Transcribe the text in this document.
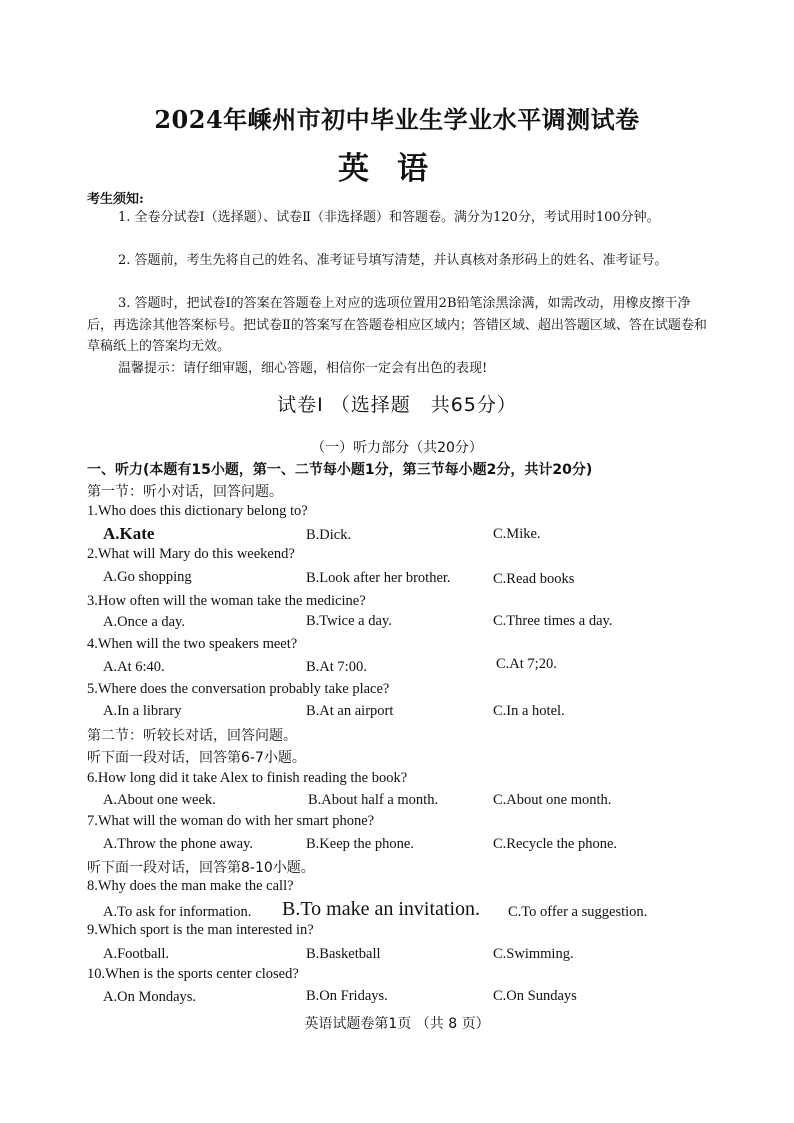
2024年嵊州市初中毕业生学业水平调测试卷
英语
考生须知:
1. 全卷分试卷Ⅰ（选择题）、试卷Ⅱ（非选择题）和答题卷。满分为120分，考试用时100分钟。
2. 答题前，考生先将自己的姓名、准考证号填写清楚，并认真核对条形码上的姓名、准考证号。
3. 答题时，把试卷Ⅰ的答案在答题卷上对应的选项位置用2B铅笔涂黑涂满，如需改动，用橡皮擦干净后，再选涂其他答案标号。把试卷Ⅱ的答案写在答题卷相应区域内；答错区域、超出答题区域、答在试题卷和草稿纸上的答案均无效。
温馨提示：请仔细审题，细心答题，相信你一定会有出色的表现!
试卷Ⅰ （选择题　共65分）
（一）听力部分（共20分）
一、听力(本题有15小题，第一、二节每小题1分，第三节每小题2分，共计20分)
第一节：听小对话，回答问题。
1.Who does this dictionary belong to?
A.Kate	B.Dick.	C.Mike.
2.What will Mary do this weekend?
A.Go shopping	B.Look after her brother.	C.Read books
3.How often will the woman take the medicine?
A.Once a day.	B.Twice a day.	C.Three times a day.
4.When will the two speakers meet?
A.At 6:40.	B.At 7:00.	C.At 7;20.
5.Where does the conversation probably take place?
A.In a library	B.At an airport	C.In a hotel.
第二节：听较长对话，回答问题。
听下面一段对话，回答第6-7小题。
6.How long did it take Alex to finish reading the book?
A.About one week.	B.About half a month.	C.About one month.
7.What will the woman do with her smart phone?
A.Throw the phone away.	B.Keep the phone.	C.Recycle the phone.
听下面一段对话，回答第8-10小题。
8.Why does the man make the call?
A.To ask for information. B.To make an invitation. C.To offer a suggestion.
9.Which sport is the man interested in?
A.Football.	B.Basketball	C.Swimming.
10.When is the sports center closed?
A.On Mondays.	B.On Fridays.	C.On Sundays
英语试题卷第1页 （共 8 页）
